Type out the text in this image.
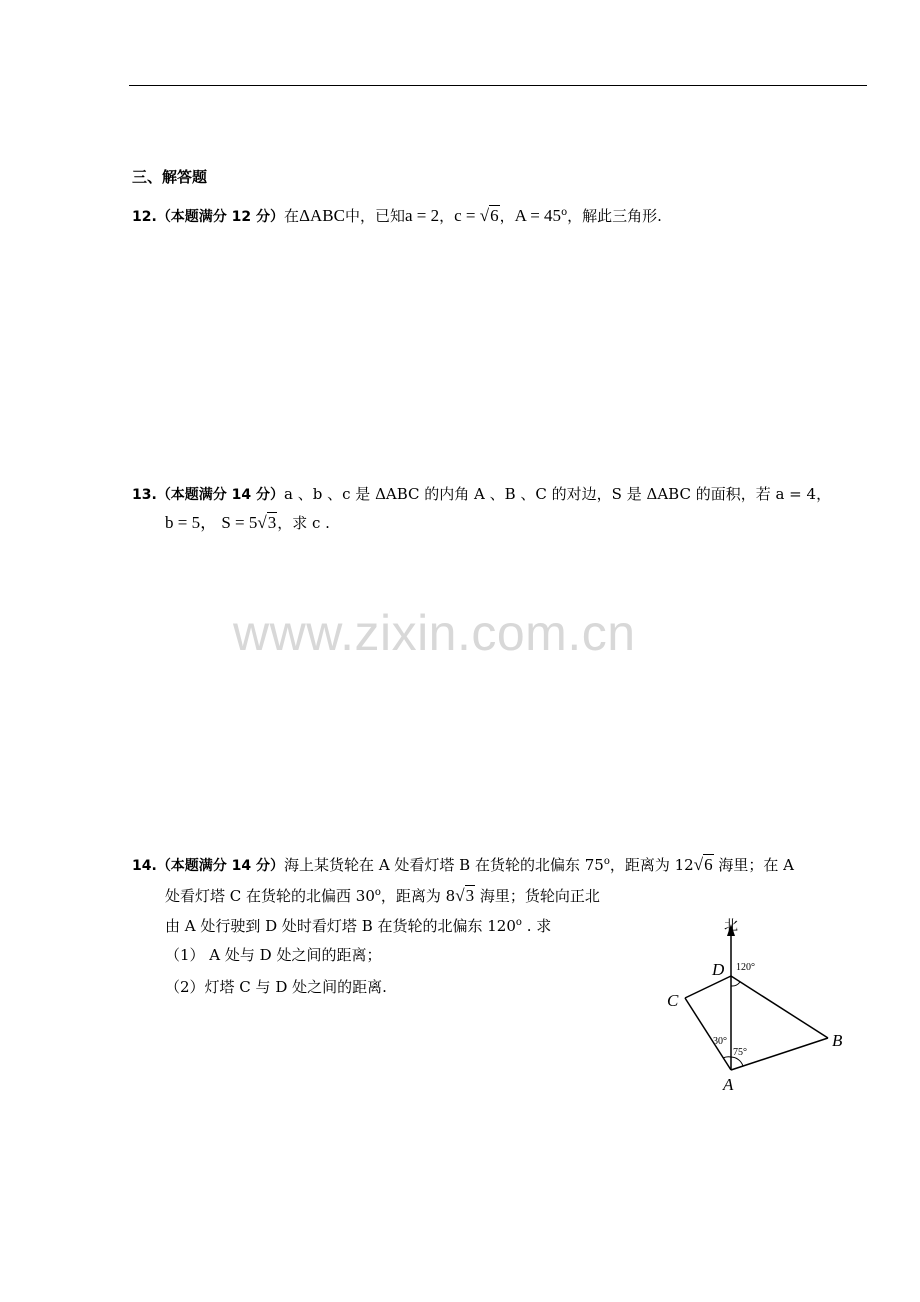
三、解答题
12.（本题满分 12 分）在ΔABC中，已知a = 2，c = √6，$A = 45^o$，解此三角形.
13.（本题满分 14 分）a 、b 、c 是 ΔABC 的内角 A 、B 、C 的对边，S 是 ΔABC 的面积，若 a = 4，
b = 5， S = 5√3，求 c .
www.zixin.com.cn
14.（本题满分 14 分）海上某货轮在 A 处看灯塔 B 在货轮的北偏东 75$^o$，距离为 12√6 海里；在 A
处看灯塔 C 在货轮的北偏西 30$^o$，距离为 8√3 海里；货轮向正北
由 A 处行驶到 D 处时看灯塔 B 在货轮的北偏东 120$^o$ . 求
（1） A 处与 D 处之间的距离；
（2）灯塔 C 与 D 处之间的距离.
北
D 120°
C
B
30°
75°
A
